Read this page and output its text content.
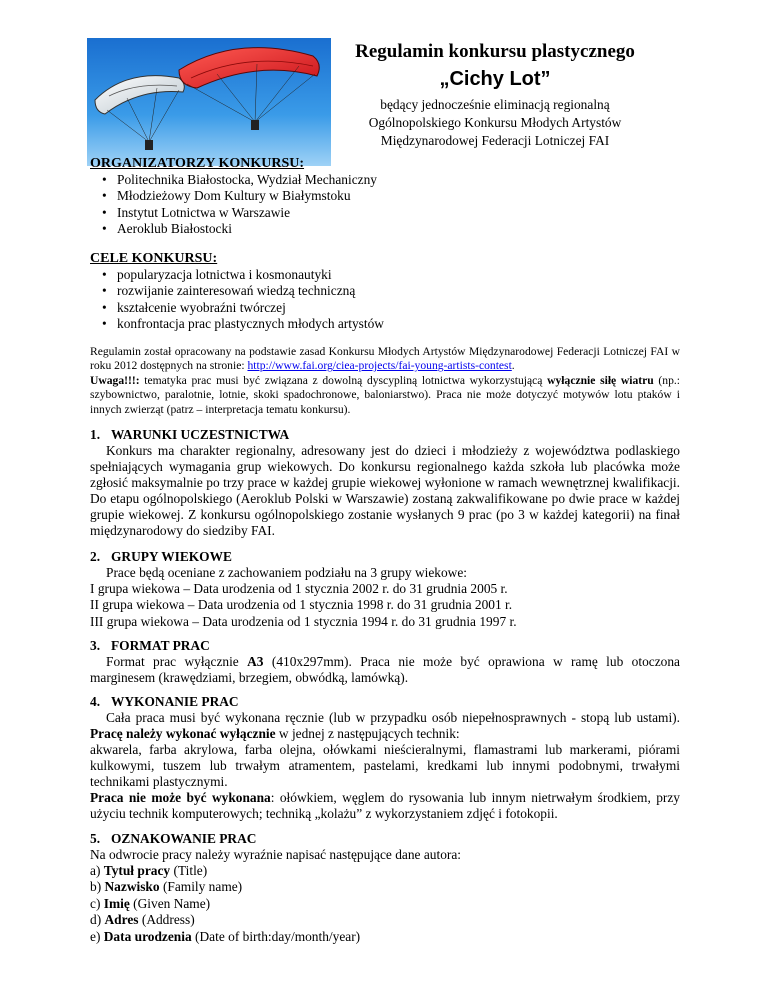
Regulamin konkursu plastycznego
„Cichy Lot”
będący jednocześnie eliminacją regionalną
Ogólnopolskiego Konkursu Młodych Artystów
Międzynarodowej Federacji Lotniczej FAI
ORGANIZATORZY KONKURSU:
• Politechnika Białostocka, Wydział Mechaniczny
• Młodzieżowy Dom Kultury w Białymstoku
• Instytut Lotnictwa w Warszawie
• Aeroklub Białostocki
CELE KONKURSU:
• popularyzacja lotnictwa i kosmonautyki
• rozwijanie zainteresowań wiedzą techniczną
• kształcenie wyobraźni twórczej
• konfrontacja prac plastycznych młodych artystów
Regulamin został opracowany na podstawie zasad Konkursu Młodych Artystów Międzynarodowej Federacji Lotniczej FAI w roku 2012 dostępnych na stronie: http://www.fai.org/ciea-projects/fai-young-artists-contest.
Uwaga!!!: tematyka prac musi być związana z dowolną dyscypliną lotnictwa wykorzystującą wyłącznie siłę wiatru (np.: szybownictwo, paralotnie, lotnie, skoki spadochronowe, baloniarstwo). Praca nie może dotyczyć motywów lotu ptaków i innych zwierząt (patrz – interpretacja tematu konkursu).
1. WARUNKI UCZESTNICTWA

Konkurs ma charakter regionalny, adresowany jest do dzieci i młodzieży z województwa podlaskiego spełniających wymagania grup wiekowych. Do konkursu regionalnego każda szkoła lub placówka może zgłosić maksymalnie po trzy prace w każdej grupie wiekowej wyłonione w ramach wewnętrznej kwalifikacji. Do etapu ogólnopolskiego (Aeroklub Polski w Warszawie) zostaną zakwalifikowane po dwie prace w każdej grupie wiekowej. Z konkursu ogólnopolskiego zostanie wysłanych 9 prac (po 3 w każdej kategorii) na finał międzynarodowy do siedziby FAI.

2. GRUPY WIEKOWE

Prace będą oceniane z zachowaniem podziału na 3 grupy wiekowe:

I grupa wiekowa – Data urodzenia od 1 stycznia 2002 r. do 31 grudnia 2005 r.
II grupa wiekowa – Data urodzenia od 1 stycznia 1998 r. do 31 grudnia 2001 r.
III grupa wiekowa – Data urodzenia od 1 stycznia 1994 r. do 31 grudnia 1997 r.
3. FORMAT PRAC

Format prac wyłącznie A3 (410x297mm). Praca nie może być oprawiona w ramę lub otoczona marginesem (krawędziami, brzegiem, obwódką, lamówką).

4. WYKONANIE PRAC

Cała praca musi być wykonana ręcznie (lub w przypadku osób niepełnosprawnych - stopą lub ustami). Pracę należy wykonać wyłącznie w jednej z następujących technik:

akwarela, farba akrylowa, farba olejna, ołówkami nieścieralnymi, flamastrami lub markerami, piórami kulkowymi, tuszem lub trwałym atramentem, pastelami, kredkami lub innymi podobnymi, trwałymi technikami plastycznymi.

Praca nie może być wykonana: ołówkiem, węglem do rysowania lub innym nietrwałym środkiem, przy użyciu technik komputerowych; techniką „kolażu” z wykorzystaniem zdjęć i fotokopii.

5. OZNAKOWANIE PRAC

Na odwrocie pracy należy wyraźnie napisać następujące dane autora:

a) Tytuł pracy (Title)
b) Nazwisko (Family name)
c) Imię (Given Name)
d) Adres (Address)
e) Data urodzenia (Date of birth:day/month/year)
